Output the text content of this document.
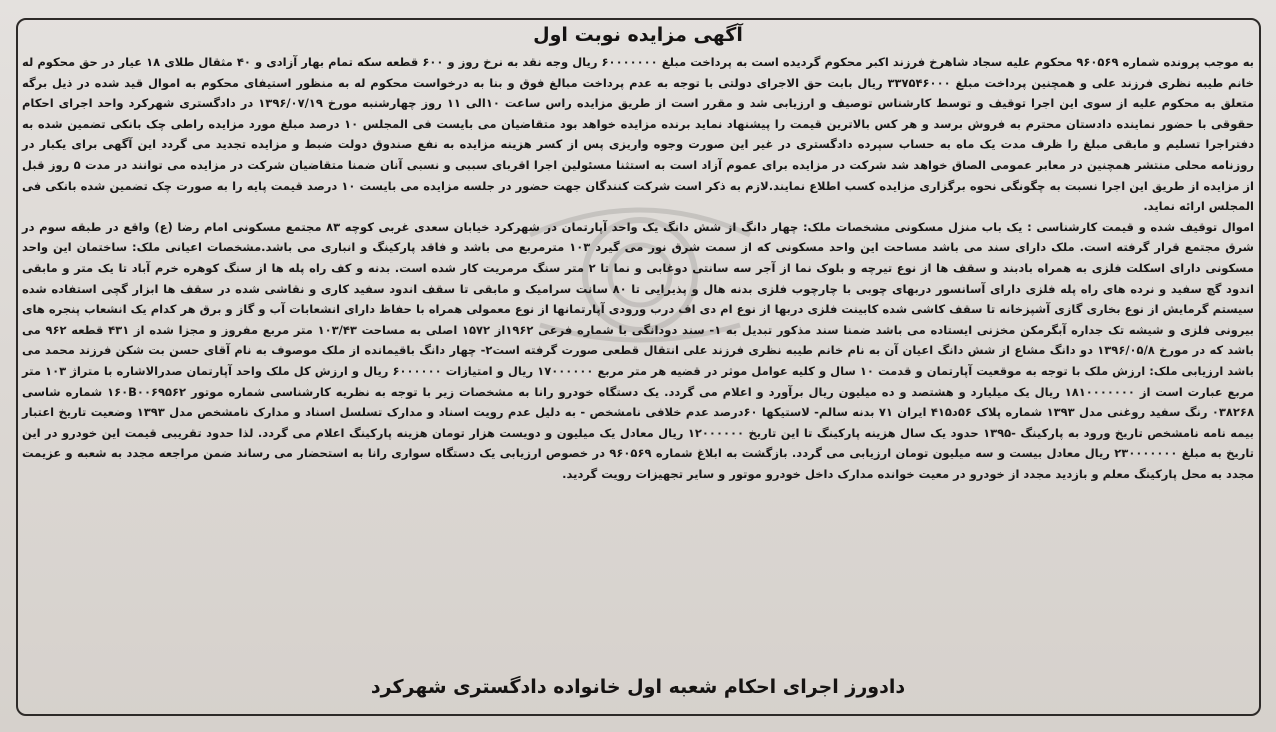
آگهی مزایده نوبت اول

به موجب پرونده شماره ۹۶۰۵۶۹ محکوم علیه سجاد شاهرخ فرزند اکبر محکوم گردیده است به پرداخت مبلغ ۶۰۰۰۰۰۰۰ ریال وجه نقد به نرخ روز و ۶۰۰ قطعه سکه تمام بهار آزادی و ۴۰ مثقال طلای ۱۸ عیار در حق محکوم له خانم طیبه نظری فرزند علی و همچنین پرداخت مبلغ ۳۳۷۵۴۶۰۰۰ ریال بابت حق الاجرای دولتی با توجه به عدم پرداخت مبالغ فوق و بنا به درخواست محکوم له به منظور استیفای محکوم به اموال قید شده در ذیل برگه متعلق به محکوم علیه از سوی این اجرا توقیف و توسط کارشناس توصیف و ارزیابی شد و مقرر است از طریق مزایده راس ساعت ۱۰الی ۱۱ روز چهارشنبه مورخ ۱۳۹۶/۰۷/۱۹ در دادگستری شهرکرد واحد اجرای احکام حقوقی با حضور نماینده دادستان محترم به فروش برسد و هر کس بالاترین قیمت را پیشنهاد نماید برنده مزایده خواهد بود متقاضیان می بایست فی المجلس ۱۰ درصد مبلغ مورد مزایده راطی چک بانکی تضمین شده به دفتراجرا تسلیم و مابقی مبلغ را ظرف مدت یک ماه به حساب سپرده دادگستری در غیر این صورت وجوه واریزی پس از کسر هزینه مزایده به نفع صندوق دولت ضبط و مزایده تجدید می گردد این آگهی برای یکبار در روزنامه محلی منتشر همچنین در معابر عمومی الصاق خواهد شد شرکت در مزایده برای عموم آزاد است به استثنا مسئولین اجرا اقربای سببی و نسبی آنان ضمنا متقاضیان شرکت در مزایده می توانند در مدت ۵ روز قبل از مزایده از طریق این اجرا نسبت به چگونگی نحوه برگزاری مزایده کسب اطلاع نمایند.لازم به ذکر است شرکت کنندگان جهت حضور در جلسه مزایده می بایست ۱۰ درصد قیمت پایه را به صورت چک تضمین شده بانکی فی المجلس ارائه نماید.

اموال توقیف شده و قیمت کارشناسی : یک باب منزل مسکونی مشخصات ملک: چهار دانگ از شش دانگ یک واحد آپارتمان در شهرکرد خیابان سعدی غربی کوچه ۸۳ مجتمع مسکونی امام رضا (ع) واقع در طبقه سوم در شرق مجتمع قرار گرفته است. ملک دارای سند می باشد مساحت این واحد مسکونی که از سمت شرق نور می گیرد ۱۰۳ مترمربع می باشد و فاقد پارکینگ و انباری می باشد.مشخصات اعیانی ملک: ساختمان این واحد مسکونی دارای اسکلت فلزی به همراه بادبند و سقف ها از نوع تیرچه و بلوک نما از آجر سه سانتی دوغابی و نما تا ۲ متر سنگ مرمریت کار شده است. بدنه و کف راه پله ها از سنگ کوهره خرم آباد تا یک متر و مابقی اندود گچ سفید و نرده های راه پله فلزی دارای آسانسور دربهای چوبی با چارچوب فلزی بدنه هال و پذیرایی تا ۸۰ سانت سرامیک و مابقی تا سقف اندود سفید کاری و نقاشی شده در سقف ها ابزار گچی استفاده شده سیستم گرمایش از نوع بخاری گازی آشپزخانه تا سقف کاشی شده کابینت فلزی دربها از نوع ام دی اف درب ورودی آپارتمانها از نوع معمولی همراه با حفاظ دارای انشعابات آب و گاز و برق هر کدام یک انشعاب پنجره های بیرونی فلزی و شیشه تک جداره آبگرمکن مخزنی ایستاده می باشد ضمنا سند مذکور تبدیل به ۱- سند دودانگی با شماره فرعی ۱۹۶۲از ۱۵۷۲ اصلی به مساحت ۱۰۳/۴۳ متر مربع مفروز و مجزا شده از ۴۳۱ قطعه ۹۶۲ می باشد که در مورخ ۱۳۹۶/۰۵/۸ دو دانگ مشاع از شش دانگ اعیان آن به نام خانم طیبه نظری فرزند علی انتقال قطعی صورت گرفته است۲- چهار دانگ باقیمانده از ملک موصوف به نام آقای حسن بت شکن فرزند محمد می باشد ارزیابی ملک: ارزش ملک با توجه به موقعیت آپارتمان و قدمت ۱۰ سال و کلیه عوامل موثر در قضیه هر متر مربع ۱۷۰۰۰۰۰۰ ریال و امتیازات ۶۰۰۰۰۰۰ ریال و ارزش کل ملک واحد آپارتمان صدرالاشاره با متراژ ۱۰۳ متر مربع عبارت است از ۱۸۱۰۰۰۰۰۰۰ ریال یک میلیارد و هشتصد و ده میلیون ریال برآورد و اعلام می گردد. یک دستگاه خودرو رانا به مشخصات زیر با توجه به نظریه کارشناسی شماره موتور ۱۶۰B۰۰۶۹۵۶۲ شماره شاسی ۰۳۸۲۶۸ رنگ سفید روغنی مدل ۱۳۹۳ شماره پلاک ۵۶د۴۱۵ ایران ۷۱ بدنه سالم- لاستیکها ۶۰درصد عدم خلافی نامشخص - به دلیل عدم رویت اسناد و مدارک تسلسل اسناد و مدارک نامشخص مدل ۱۳۹۳ وضعیت تاریخ اعتبار بیمه نامه نامشخص تاریخ ورود به پارکینگ -۱۳۹۵ حدود یک سال هزینه پارکینگ تا این تاریخ ۱۲۰۰۰۰۰۰ ریال معادل یک میلیون و دویست هزار تومان هزینه پارکینگ اعلام می گردد. لذا حدود تقریبی قیمت این خودرو در این تاریخ به مبلغ ۲۳۰۰۰۰۰۰۰ ریال معادل بیست و سه میلیون تومان ارزیابی می گردد. بازگشت به ابلاغ شماره ۹۶۰۵۶۹ در خصوص ارزیابی یک دستگاه سواری رانا به استحضار می رساند ضمن مراجعه مجدد به شعبه و عزیمت مجدد به محل پارکینگ معلم و بازدید مجدد از خودرو در معیت خوانده مدارک داخل خودرو موتور و سایر تجهیزات رویت گردید.

دادورز اجرای احکام شعبه اول خانواده دادگستری شهرکرد
